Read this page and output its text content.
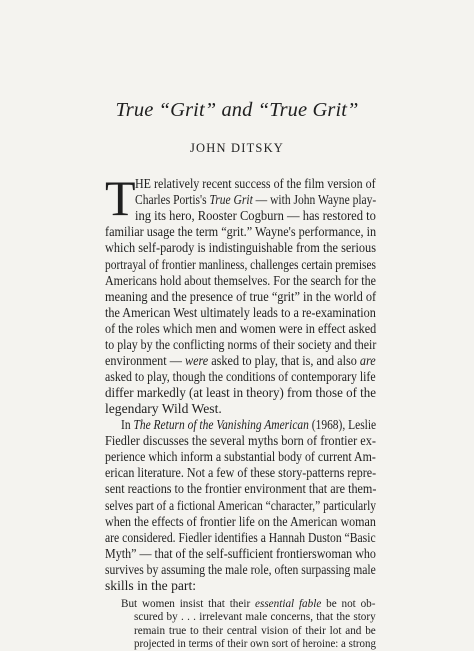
True “Grit” and “True Grit”
JOHN DITSKY
T HE relatively recent success of the film version of
Charles Portis's True Grit — with John Wayne play-
ing its hero, Rooster Cogburn — has restored to
familiar usage the term “grit.” Wayne's performance, in
which self-parody is indistinguishable from the serious
portrayal of frontier manliness, challenges certain premises
Americans hold about themselves. For the search for the
meaning and the presence of true “grit” in the world of
the American West ultimately leads to a re-examination
of the roles which men and women were in effect asked
to play by the conflicting norms of their society and their
environment — were asked to play, that is, and also are
asked to play, though the conditions of contemporary life
differ markedly (at least in theory) from those of the
legendary Wild West.
In The Return of the Vanishing American (1968), Leslie
Fiedler discusses the several myths born of frontier ex-
perience which inform a substantial body of current Am-
erican literature. Not a few of these story-patterns repre-
sent reactions to the frontier environment that are them-
selves part of a fictional American “character,” particularly
when the effects of frontier life on the American woman
are considered. Fiedler identifies a Hannah Duston “Basic
Myth” — that of the self-sufficient frontierswoman who
survives by assuming the male role, often surpassing male
skills in the part:
But women insist that their essential fable be not ob-
scured by . . . irrelevant male concerns, that the story
remain true to their central vision of their lot and be
projected in terms of their own sort of heroine: a strong
